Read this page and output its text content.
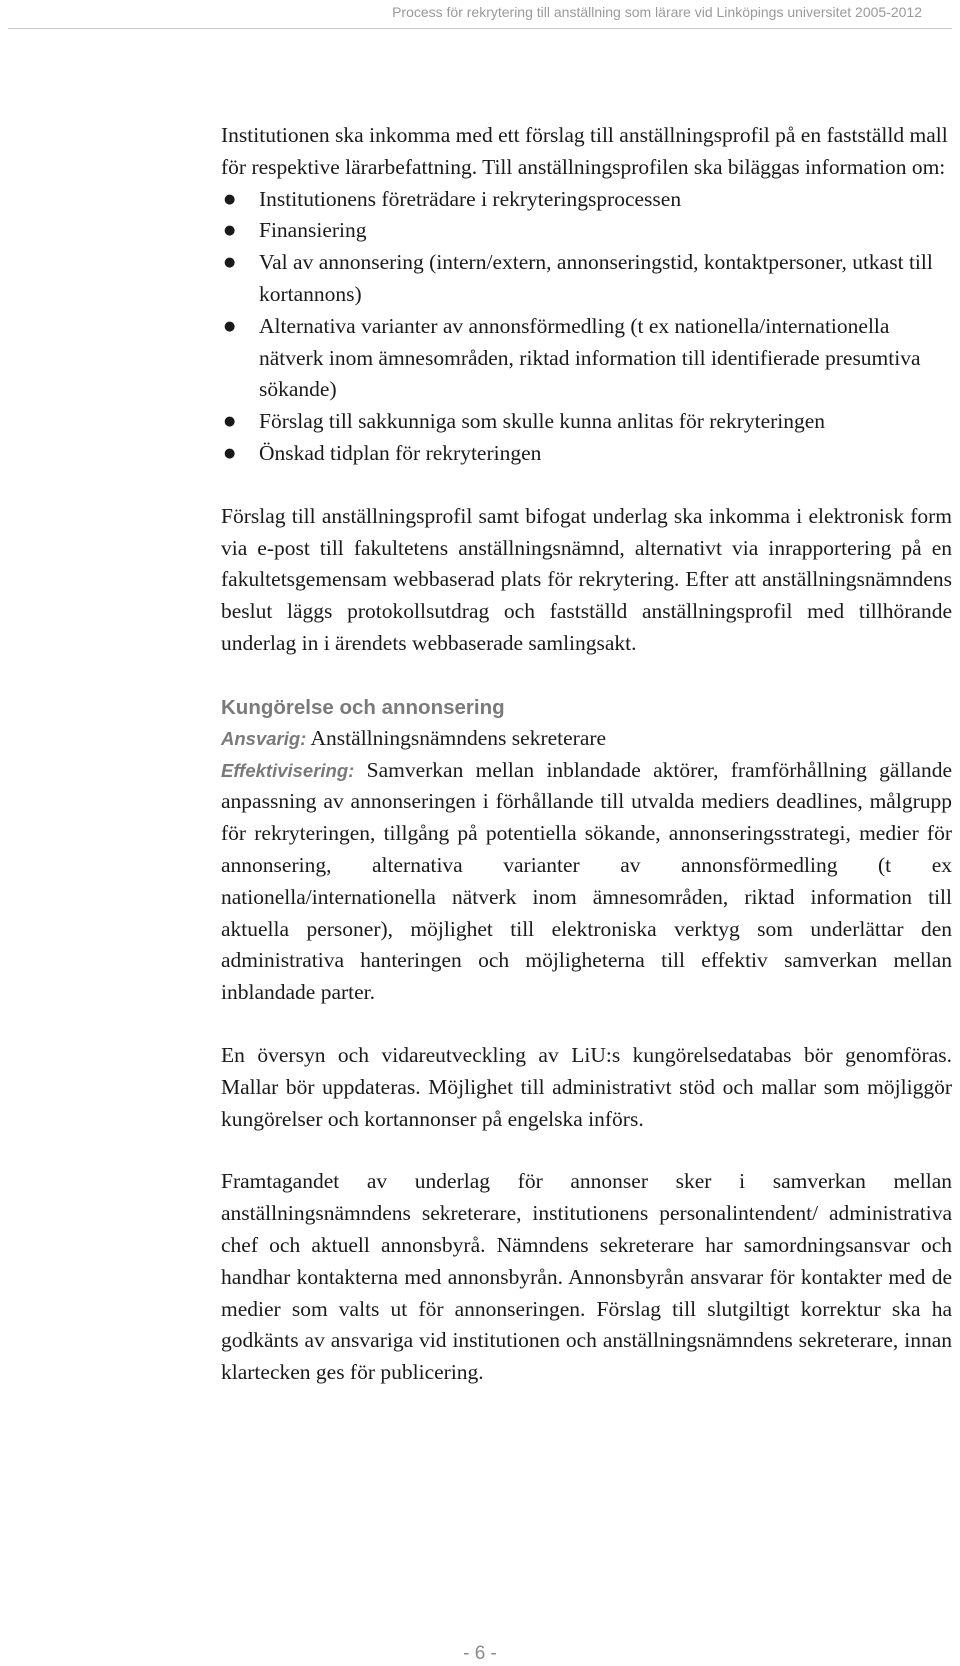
Process för rekrytering till anställning som lärare vid Linköpings universitet 2005-2012

Institutionen ska inkomma med ett förslag till anställningsprofil på en fastställd mall för respektive lärarbefattning. Till anställningsprofilen ska biläggas information om:

● Institutionens företrädare i rekryteringsprocessen
● Finansiering
● Val av annonsering (intern/extern, annonseringstid, kontaktpersoner, utkast till kortannons)
● Alternativa varianter av annonsförmedling (t ex nationella/internationella nätverk inom ämnesområden, riktad information till identifierade presumtiva sökande)
● Förslag till sakkunniga som skulle kunna anlitas för rekryteringen
● Önskad tidplan för rekryteringen

Förslag till anställningsprofil samt bifogat underlag ska inkomma i elektronisk form via e-post till fakultetens anställningsnämnd, alternativt via inrapportering på en fakultetsgemensam webbaserad plats för rekrytering. Efter att anställningsnämndens beslut läggs protokollsutdrag och fastställd anställningsprofil med tillhörande underlag in i ärendets webbaserade samlingsakt.

Kungörelse och annonsering

Ansvarig: Anställningsnämndens sekreterare

Effektivisering: Samverkan mellan inblandade aktörer, framförhållning gällande anpassning av annonseringen i förhållande till utvalda mediers deadlines, målgrupp för rekryteringen, tillgång på potentiella sökande, annonseringsstrategi, medier för annonsering, alternativa varianter av annonsförmedling (t ex nationella/internationella nätverk inom ämnesområden, riktad information till aktuella personer), möjlighet till elektroniska verktyg som underlättar den administrativa hanteringen och möjligheterna till effektiv samverkan mellan inblandade parter.

En översyn och vidareutveckling av LiU:s kungörelsedatabas bör genomföras. Mallar bör uppdateras. Möjlighet till administrativt stöd och mallar som möjliggör kungörelser och kortannonser på engelska införs.

Framtagandet av underlag för annonser sker i samverkan mellan anställningsnämndens sekreterare, institutionens personalintendent/ administrativa chef och aktuell annonsbyrå. Nämndens sekreterare har samordningsansvar och handhar kontakterna med annonsbyrån. Annonsbyrån ansvarar för kontakter med de medier som valts ut för annonseringen. Förslag till slutgiltigt korrektur ska ha godkänts av ansvariga vid institutionen och anställningsnämndens sekreterare, innan klartecken ges för publicering.

- 6 -
